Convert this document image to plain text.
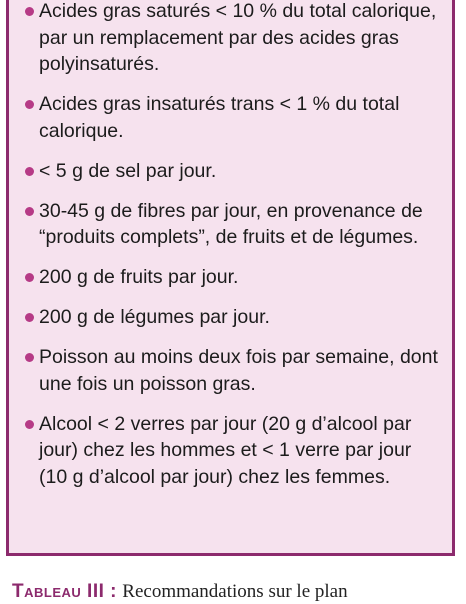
Acides gras saturés < 10 % du total calorique, par un remplacement par des acides gras polyinsaturés.
Acides gras insaturés trans < 1 % du total calorique.
< 5 g de sel par jour.
30-45 g de fibres par jour, en provenance de “produits complets”, de fruits et de légumes.
200 g de fruits par jour.
200 g de légumes par jour.
Poisson au moins deux fois par semaine, dont une fois un poisson gras.
Alcool < 2 verres par jour (20 g d’alcool par jour) chez les hommes et < 1 verre par jour (10 g d’alcool par jour) chez les femmes.

Tableau III : Recommandations sur le plan
